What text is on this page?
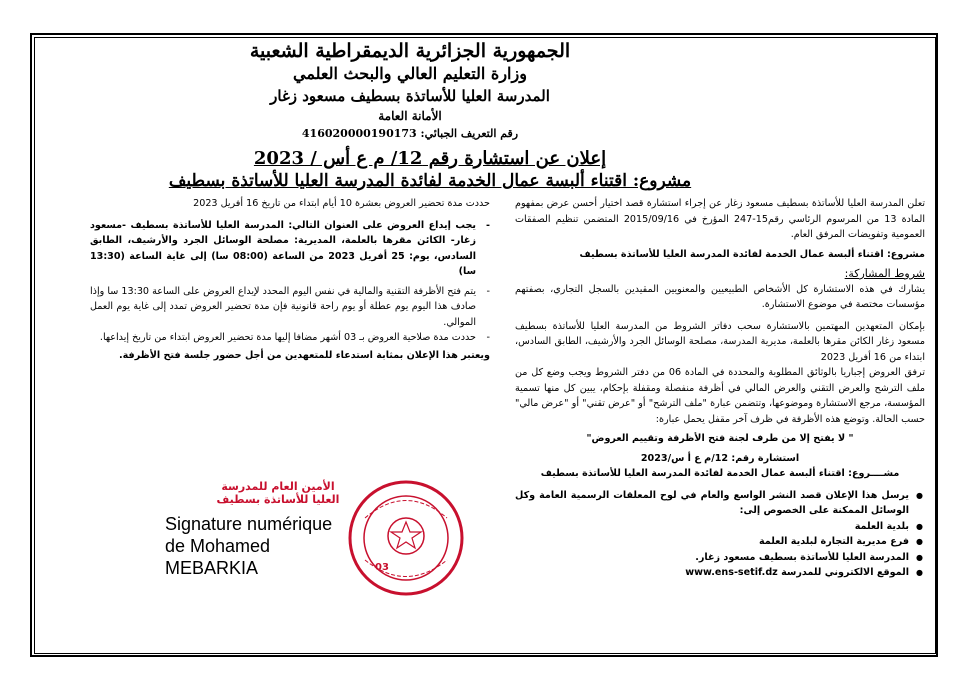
الجمهورية الجزائرية الديمقراطية الشعبية
وزارة التعليم العالي والبحث العلمي
المدرسة العليا للأساتذة بسطيف مسعود زغار
الأمانة العامة
رقم التعريف الجبائي: 416020000190173
إعلان عن استشارة رقم 12/ م ع أس / 2023
مشروع: اقتناء ألبسة عمال الخدمة لفائدة المدرسة العليا للأساتذة بسطيف

تعلن المدرسة العليا للأساتذة بسطيف مسعود زغار عن إجراء استشارة قصد اختيار أحسن عرض بمفهوم المادة 13 من المرسوم الرئاسي رقم15-247 المؤرخ في 2015/09/16 المتضمن تنظيم الصفقات العمومية وتفويضات المرفق العام.

مشروع: اقتناء ألبسة عمال الخدمة لفائدة المدرسة العليا للأساتذة بسطيف

شروط المشاركة:

يشارك في هذه الاستشارة كل الأشخاص الطبيعيين والمعنويين المقيدين بالسجل التجاري، بصفتهم مؤسسات مختصة في موضوع الاستشارة.

بإمكان المتعهدين المهتمين بالاستشارة سحب دفاتر الشروط من المدرسة العليا للأساتذة بسطيف مسعود زغار الكائن مقرها بالعلمة، مديرية المدرسة، مصلحة الوسائل الجرد والأرشيف، الطابق السادس، ابتداء من 16 أفريل 2023

ترفق العروض إجباريا بالوثائق المطلوبة والمحددة في المادة 06 من دفتر الشروط ويجب وضع كل من ملف الترشح والعرض التقني والعرض المالي في أظرفة منفصلة ومقفلة بإحكام، يبين كل منها تسمية المؤسسة، مرجع الاستشارة وموضوعها، وتتضمن عبارة "ملف الترشح" أو "عرض تقني" أو "عرض مالي" حسب الحالة. وتوضع هذه الأظرفة في ظرف آخر مقفل يحمل عبارة:

" لا يفتح إلا من طرف لجنة فتح الأظرفة وتقييم العروض"

استشارة رقم: 12/م ع أ س/2023

مشــــروع: اقتناء ألبسة عمال الخدمة لفائدة المدرسة العليا للأساتذة بسطيف

● يرسل هذا الإعلان قصد النشر الواسع والعام في لوح المعلقات الرسمية العامة وكل الوسائل الممكنة على الخصوص إلى:
● بلدية العلمة
● فرع مديرية التجارة لبلدية العلمة
● المدرسة العليا للأساتذة بسطيف مسعود زغار.
● الموقع الالكتروني للمدرسة www.ens-setif.dz

حددت مدة تحضير العروض بعشرة 10 أيام ابتداء من تاريخ 16 أفريل 2023

- يجب إيداع العروض على العنوان التالي: المدرسة العليا للأساتذة بسطيف -مسعود زغار- الكائن مقرها بالعلمة، المديرية: مصلحة الوسائل الجرد والأرشيف، الطابق السادس، يوم: 25 أفريل 2023 من الساعة (08:00 سا) إلى غاية الساعة (13:30 سا)
- يتم فتح الأظرفة التقنية والمالية في نفس اليوم المحدد لإيداع العروض على الساعة 13:30 سا وإذا صادف هذا اليوم يوم عطلة أو يوم راحة قانونية فإن مدة تحضير العروض تمدد إلى غاية يوم العمل الموالي.
- حددت مدة صلاحية العروض بـ 03 أشهر مضافا إليها مدة تحضير العروض ابتداء من تاريخ إيداعها.

ويعتبر هذا الإعلان بمثابة استدعاء للمتعهدين من أجل حضور جلسة فتح الأظرفة.

Signature numérique
de Mohamed
MEBARKIA
الأمين العام للمدرسة العليا للأساتذة بسطيف
03
